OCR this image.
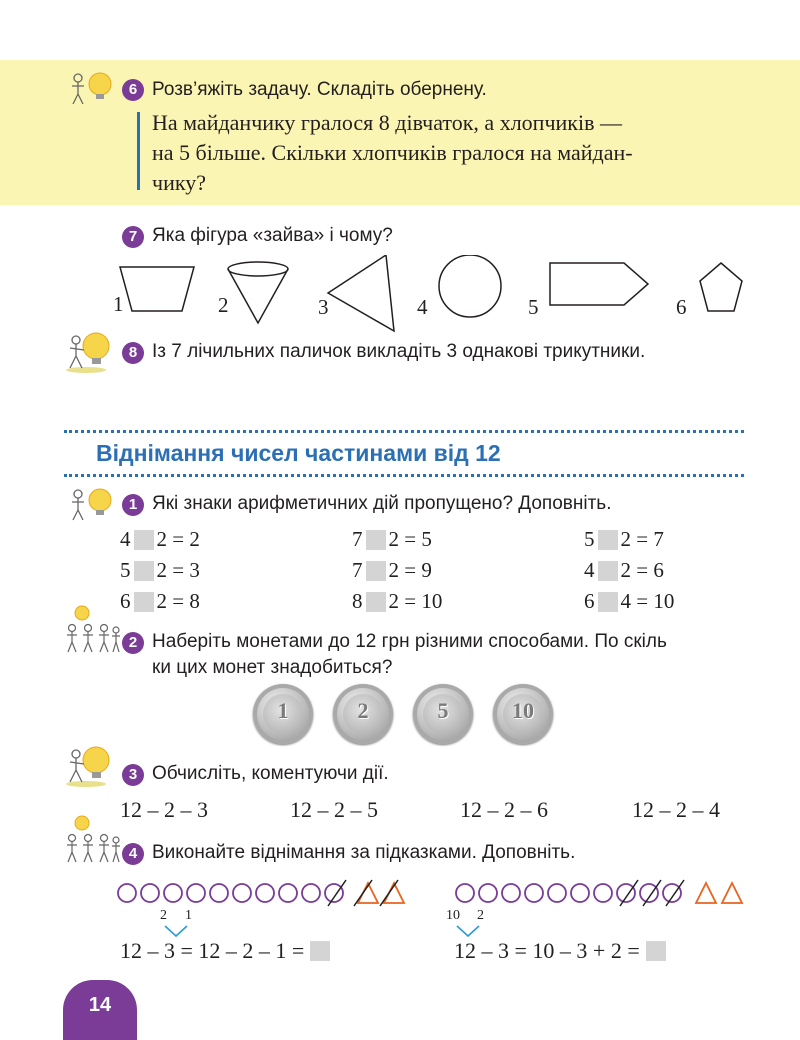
6 Розв’яжіть задачу. Складіть обернену.
На майданчику гралося 8 дівчаток, а хлопчиків —
на 5 більше. Скільки хлопчиків гралося на майдан-
чику?
7 Яка фігура «зайва» і чому?
1	2	3	4	5	6
8 Із 7 лічильних паличок викладіть 3 однакові трикутники.
Віднімання чисел частинами від 12
1 Які знаки арифметичних дій пропущено? Доповніть.
4 2 = 2	7 2 = 5	5 2 = 7
5 2 = 3	7 2 = 9	4 2 = 6
6 2 = 8	8 2 = 10	6 4 = 10
2 Наберіть монетами до 12 грн різними способами. По скіль
ки цих монет знадобиться?
1	2	5	10
3 Обчисліть, коментуючи дії.
12 – 2 – 3	12 – 2 – 5	12 – 2 – 6	12 – 2 – 4
4 Виконайте віднімання за підказками. Доповніть.
2 1
12 – 3 = 12 – 2 – 1 =
10 2
12 – 3 = 10 – 3 + 2 =
14
